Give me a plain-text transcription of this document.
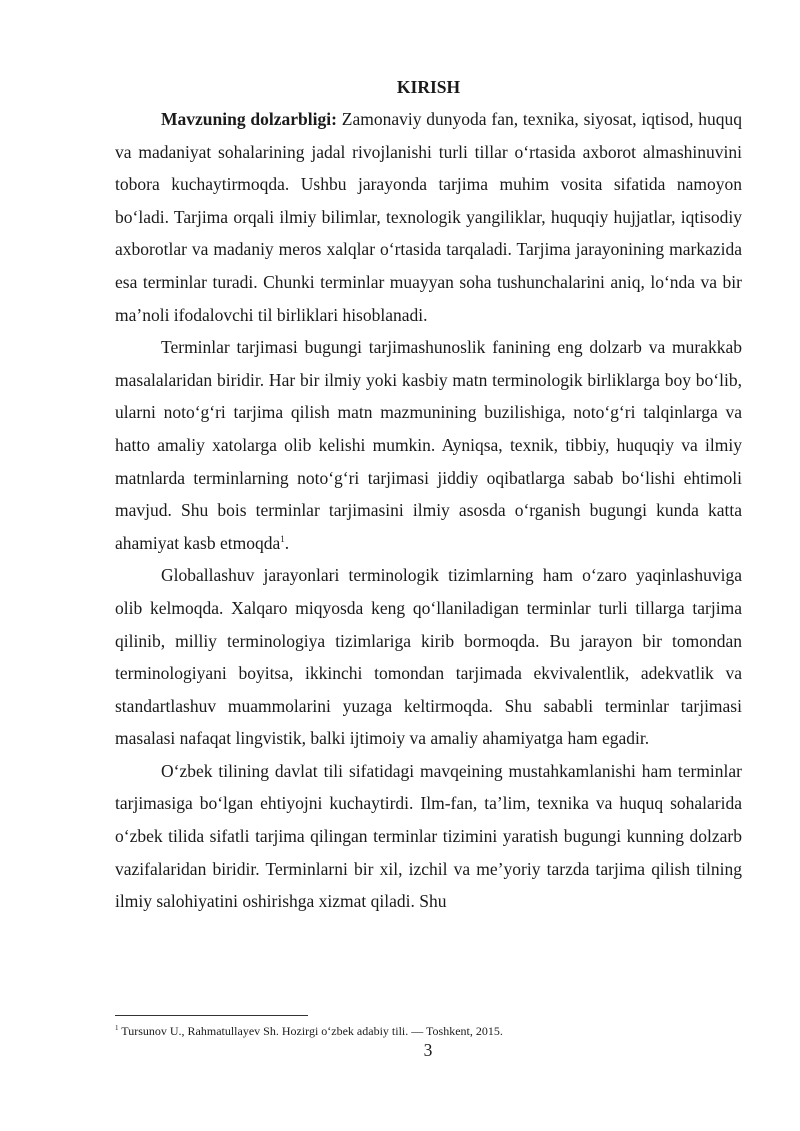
KIRISH

Mavzuning dolzarbligi: Zamonaviy dunyoda fan, texnika, siyosat, iqtisod, huquq va madaniyat sohalarining jadal rivojlanishi turli tillar oʻrtasida axborot almashinuvini tobora kuchaytirmoqda. Ushbu jarayonda tarjima muhim vosita sifatida namoyon boʻladi. Tarjima orqali ilmiy bilimlar, texnologik yangiliklar, huquqiy hujjatlar, iqtisodiy axborotlar va madaniy meros xalqlar oʻrtasida tarqaladi. Tarjima jarayonining markazida esa terminlar turadi. Chunki terminlar muayyan soha tushunchalarini aniq, loʻnda va bir maʼnoli ifodalovchi til birliklari hisoblanadi.

Terminlar tarjimasi bugungi tarjimashunoslik fanining eng dolzarb va murakkab masalalaridan biridir. Har bir ilmiy yoki kasbiy matn terminologik birliklarga boy boʻlib, ularni notoʻgʻri tarjima qilish matn mazmunining buzilishiga, notoʻgʻri talqinlarga va hatto amaliy xatolarga olib kelishi mumkin. Ayniqsa, texnik, tibbiy, huquqiy va ilmiy matnlarda terminlarning notoʻgʻri tarjimasi jiddiy oqibatlarga sabab boʻlishi ehtimoli mavjud. Shu bois terminlar tarjimasini ilmiy asosda oʻrganish bugungi kunda katta ahamiyat kasb etmoqda$^1$.

Globallashuv jarayonlari terminologik tizimlarning ham oʻzaro yaqinlashuviga olib kelmoqda. Xalqaro miqyosda keng qoʻllaniladigan terminlar turli tillarga tarjima qilinib, milliy terminologiya tizimlariga kirib bormoqda. Bu jarayon bir tomondan terminologiyani boyitsa, ikkinchi tomondan tarjimada ekvivalentlik, adekvatlik va standartlashuv muammolarini yuzaga keltirmoqda. Shu sababli terminlar tarjimasi masalasi nafaqat lingvistik, balki ijtimoiy va amaliy ahamiyatga ham egadir.

Oʻzbek tilining davlat tili sifatidagi mavqeining mustahkamlanishi ham terminlar tarjimasiga boʻlgan ehtiyojni kuchaytirdi. Ilm-fan, taʼlim, texnika va huquq sohalarida oʻzbek tilida sifatli tarjima qilingan terminlar tizimini yaratish bugungi kunning dolzarb vazifalaridan biridir. Terminlarni bir xil, izchil va meʼyoriy tarzda tarjima qilish tilning ilmiy salohiyatini oshirishga xizmat qiladi. Shu

$^1$ Tursunov U., Rahmatullayev Sh. Hozirgi oʻzbek adabiy tili. — Toshkent, 2015.
3
